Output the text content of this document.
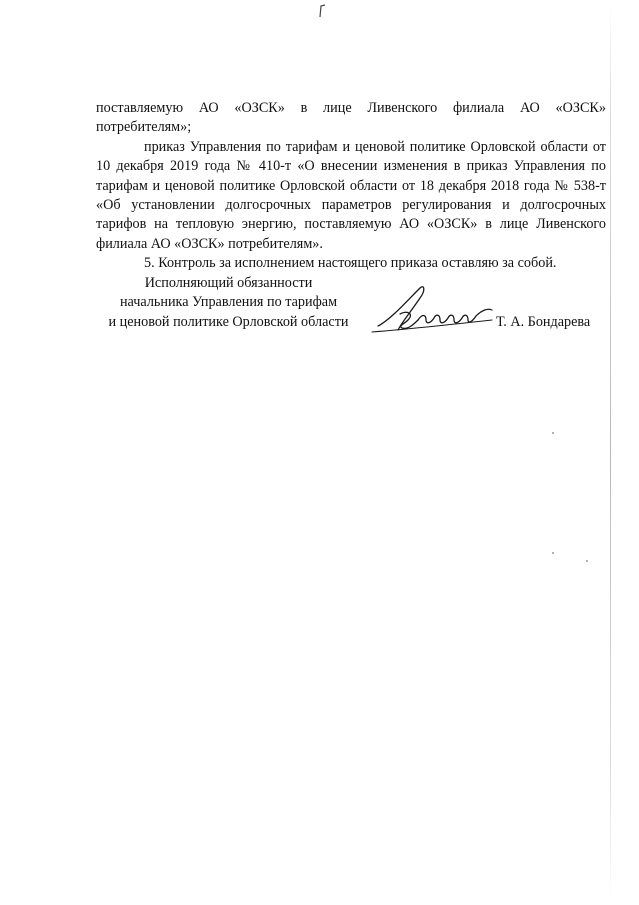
поставляемую АО «ОЗСК» в лице Ливенского филиала АО «ОЗСК» потребителям»;

приказ Управления по тарифам и ценовой политике Орловской области от 10 декабря 2019 года № 410-т «О внесении изменения в приказ Управления по тарифам и ценовой политике Орловской области от 18 декабря 2018 года № 538-т «Об установлении долгосрочных параметров регулирования и долгосрочных тарифов на тепловую энергию, поставляемую АО «ОЗСК» в лице Ливенского филиала АО «ОЗСК» потребителям».

5. Контроль за исполнением настоящего приказа оставляю за собой.

Исполняющий обязанности
начальника Управления по тарифам
и ценовой политике Орловской области	Т. А. Бондарева
